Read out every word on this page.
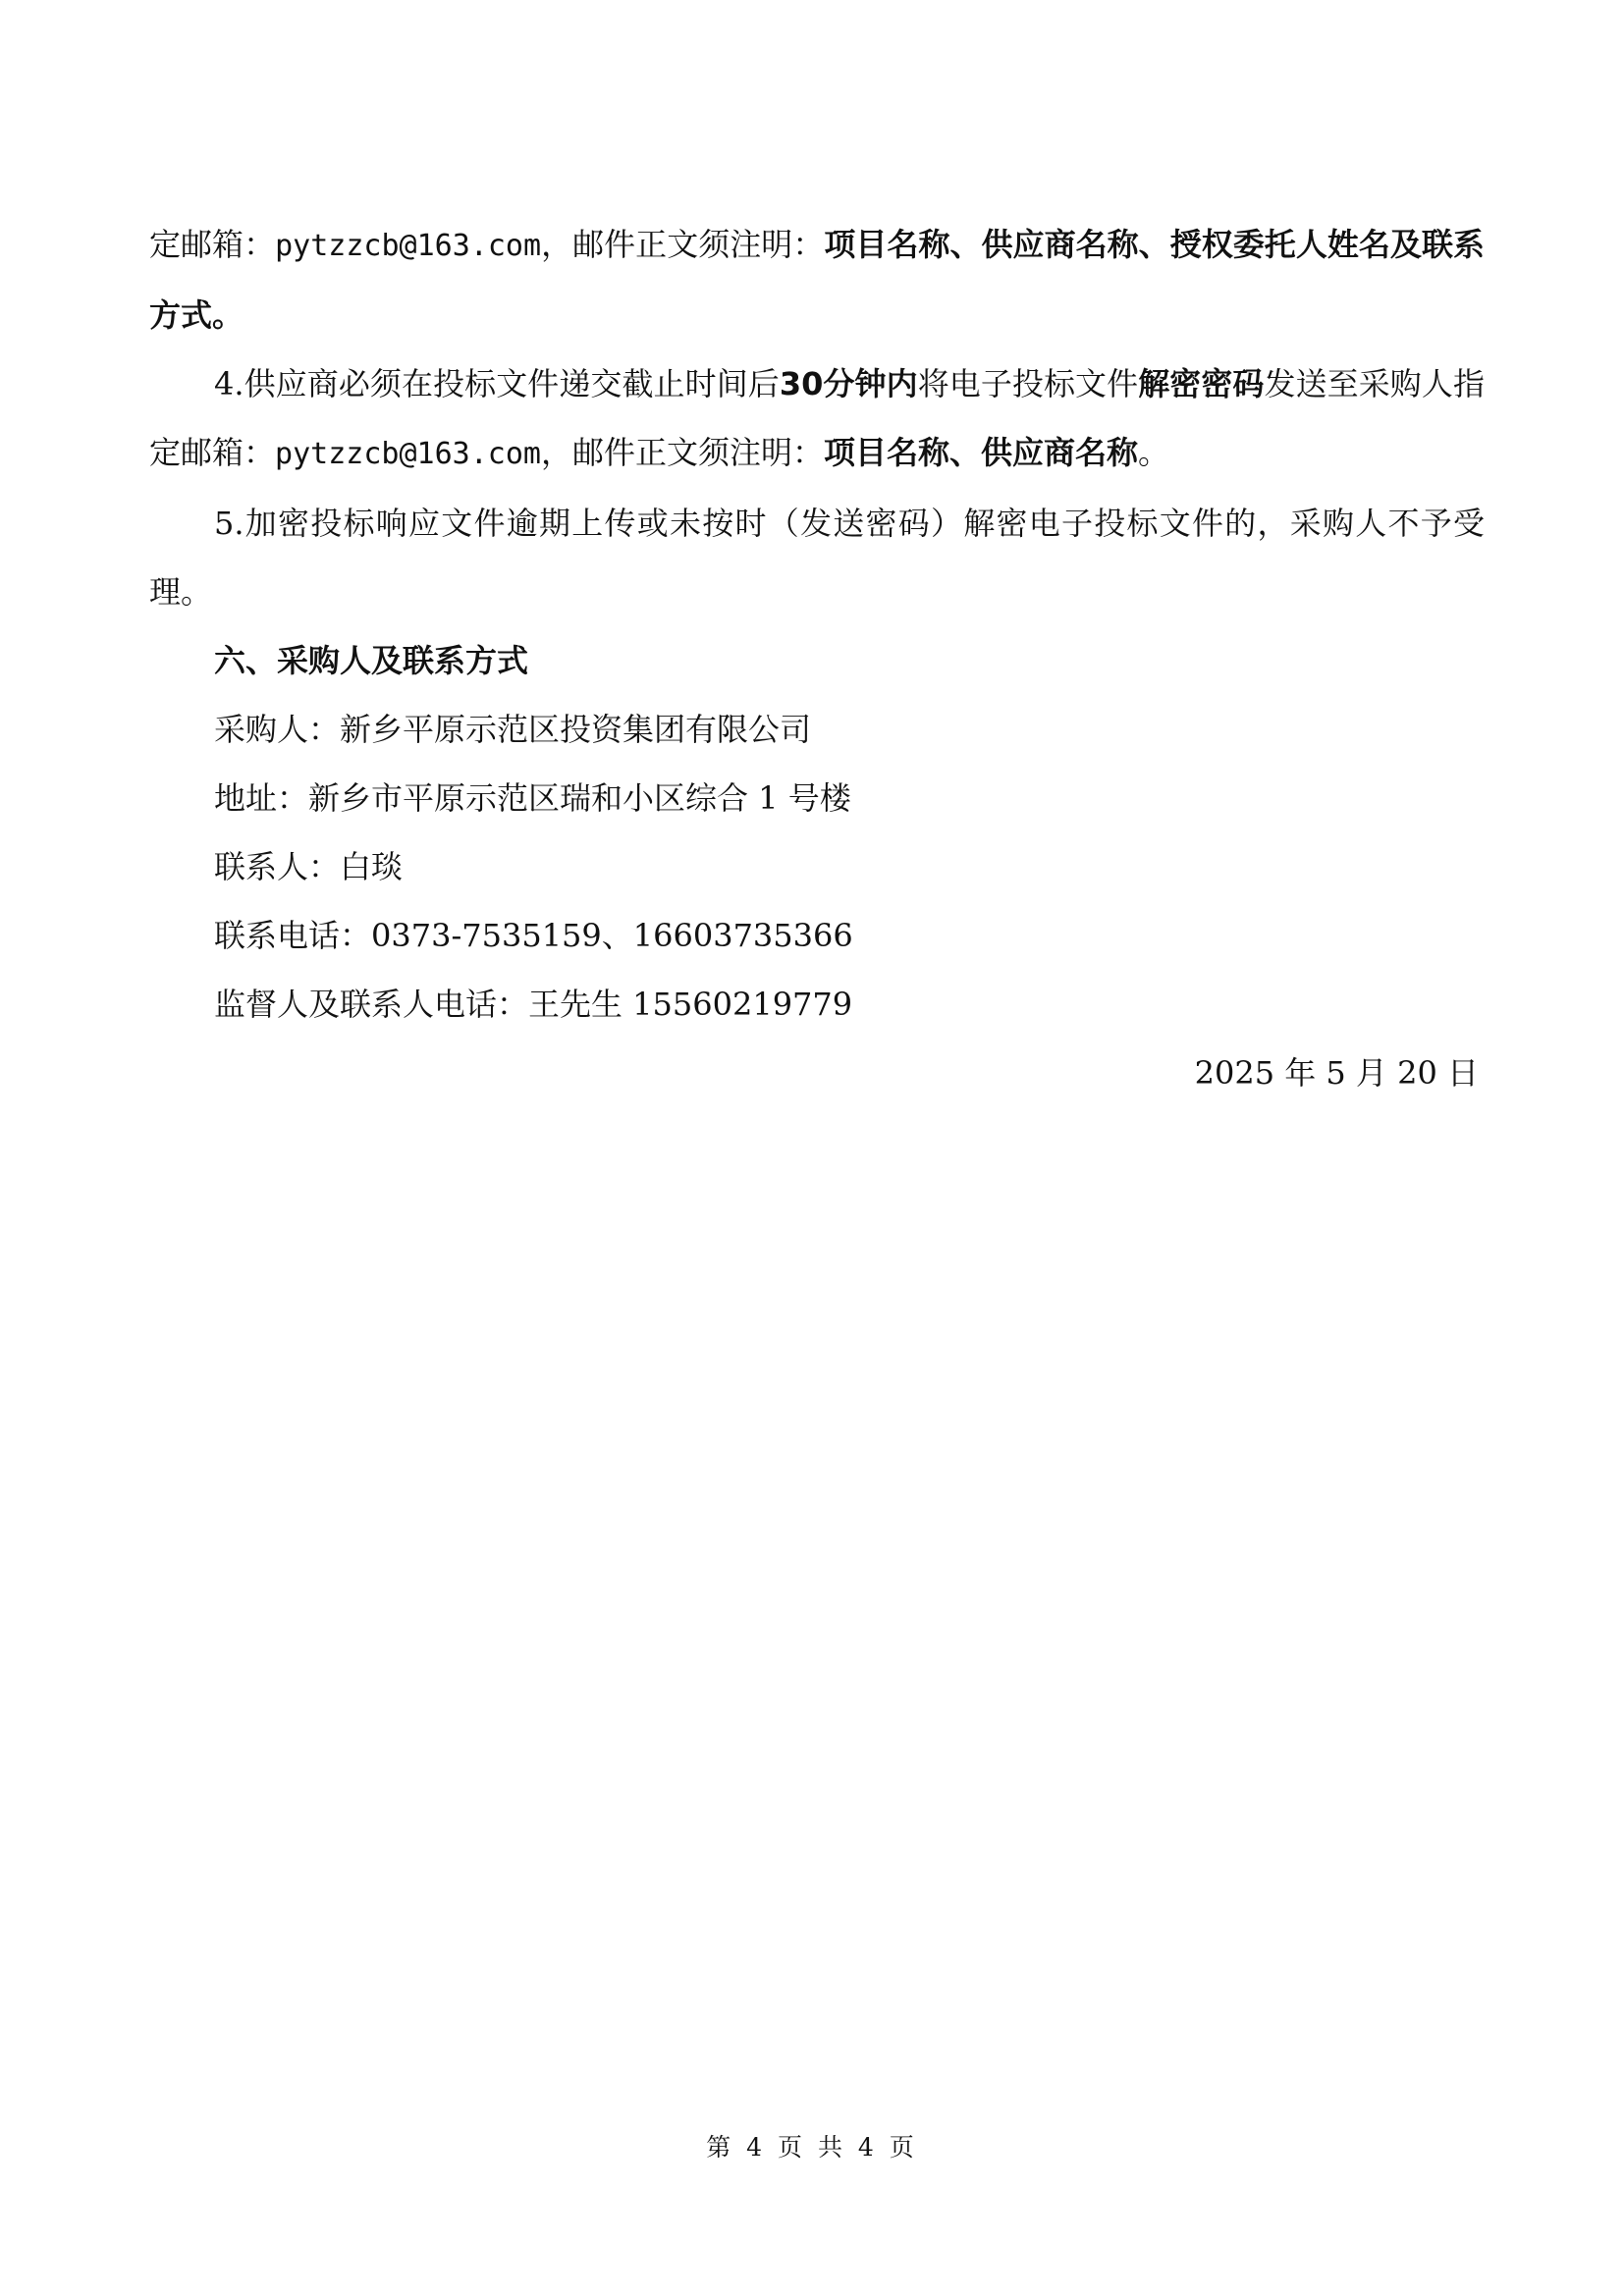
定邮箱：pytzzcb@163.com，邮件正文须注明：项目名称、供应商名称、授权委托人姓名及联系方式。

4.供应商必须在投标文件递交截止时间后30分钟内将电子投标文件解密密码发送至采购人指定邮箱：pytzzcb@163.com，邮件正文须注明：项目名称、供应商名称。

5.加密投标响应文件逾期上传或未按时（发送密码）解密电子投标文件的，采购人不予受理。

六、采购人及联系方式

采购人：新乡平原示范区投资集团有限公司

地址：新乡市平原示范区瑞和小区综合 1 号楼

联系人：白琰

联系电话：0373-7535159、16603735366

监督人及联系人电话：王先生 15560219779

2025 年 5 月 20 日

第 4 页 共 4 页
